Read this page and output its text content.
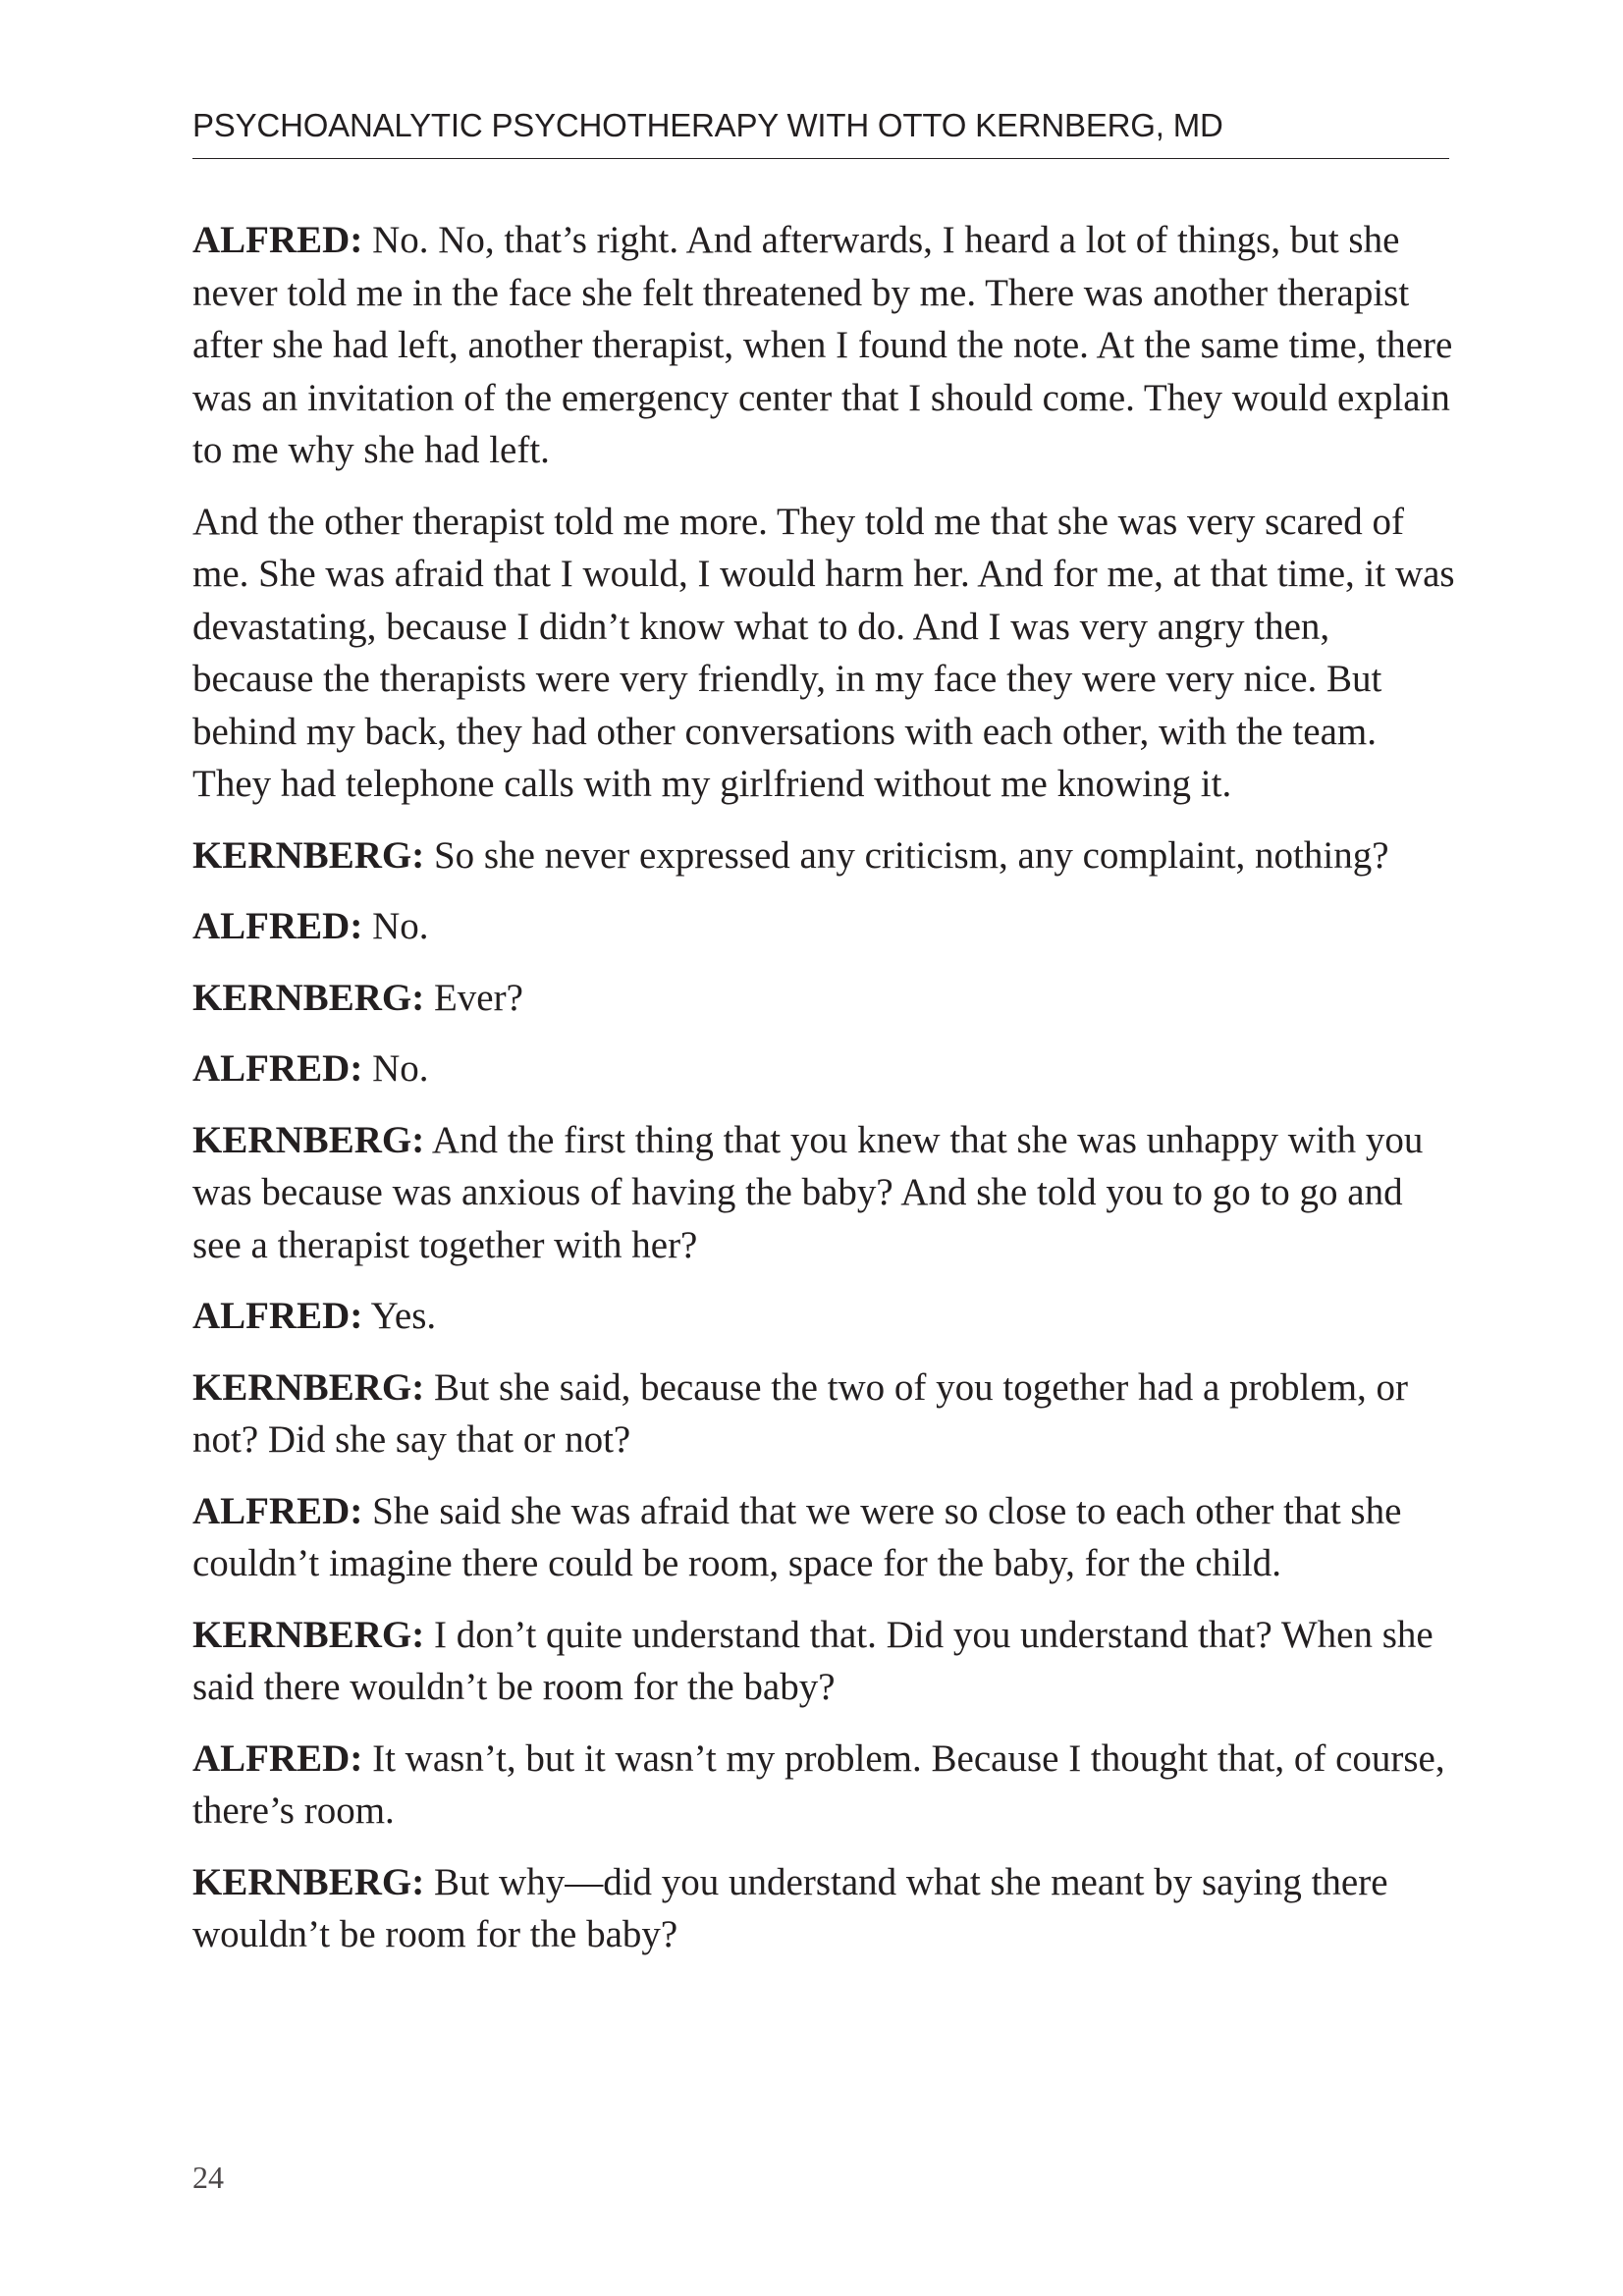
PSYCHOANALYTIC PSYCHOTHERAPY WITH OTTO KERNBERG, MD

ALFRED: No. No, that’s right. And afterwards, I heard a lot of things, but she never told me in the face she felt threatened by me. There was another therapist after she had left, another therapist, when I found the note. At the same time, there was an invitation of the emergency center that I should come. They would explain to me why she had left.

And the other therapist told me more. They told me that she was very scared of me. She was afraid that I would, I would harm her. And for me, at that time, it was devastating, because I didn’t know what to do. And I was very angry then, because the therapists were very friendly, in my face they were very nice. But behind my back, they had other conversations with each other, with the team. They had telephone calls with my girlfriend without me knowing it.

KERNBERG: So she never expressed any criticism, any complaint, nothing?

ALFRED: No.

KERNBERG: Ever?

ALFRED: No.

KERNBERG: And the first thing that you knew that she was unhappy with you was because was anxious of having the baby? And she told you to go to go and see a therapist together with her?

ALFRED: Yes.

KERNBERG: But she said, because the two of you together had a problem, or not? Did she say that or not?

ALFRED: She said she was afraid that we were so close to each other that she couldn’t imagine there could be room, space for the baby, for the child.

KERNBERG: I don’t quite understand that. Did you understand that? When she said there wouldn’t be room for the baby?

ALFRED: It wasn’t, but it wasn’t my problem. Because I thought that, of course, there’s room.

KERNBERG: But why—did you understand what she meant by saying there wouldn’t be room for the baby?

24
